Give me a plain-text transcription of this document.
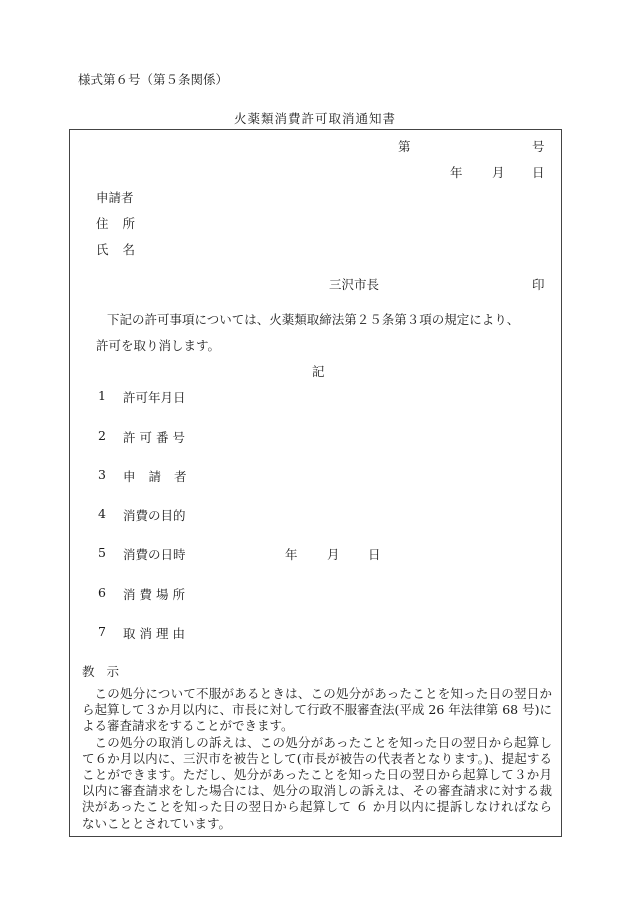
様式第６号（第５条関係）
火薬類消費許可取消通知書
第	号
年 月 日
申請者
住所
氏名
三沢市長	印
下記の許可事項については、火薬類取締法第２５条第３項の規定により、
許可を取り消します。
記
1 許可年月日
2 許可番号
3 申請者
4 消費の目的
5 消費の日時	年 月 日
6 消費場所
7 取消理由
教示

この処分について不服があるときは、この処分があったことを知った日の翌日から起算して３か月以内に、市長に対して行政不服審査法(平成 26 年法律第 68 号)による審査請求をすることができます。

この処分の取消しの訴えは、この処分があったことを知った日の翌日から起算して６か月以内に、三沢市を被告として(市長が被告の代表者となります。)、提起することができます。ただし、処分があったことを知った日の翌日から起算して３か月以内に審査請求をした場合には、処分の取消しの訴えは、その審査請求に対する裁決があったことを知った日の翌日から起算して ６ か月以内に提訴しなければならないこととされています。
